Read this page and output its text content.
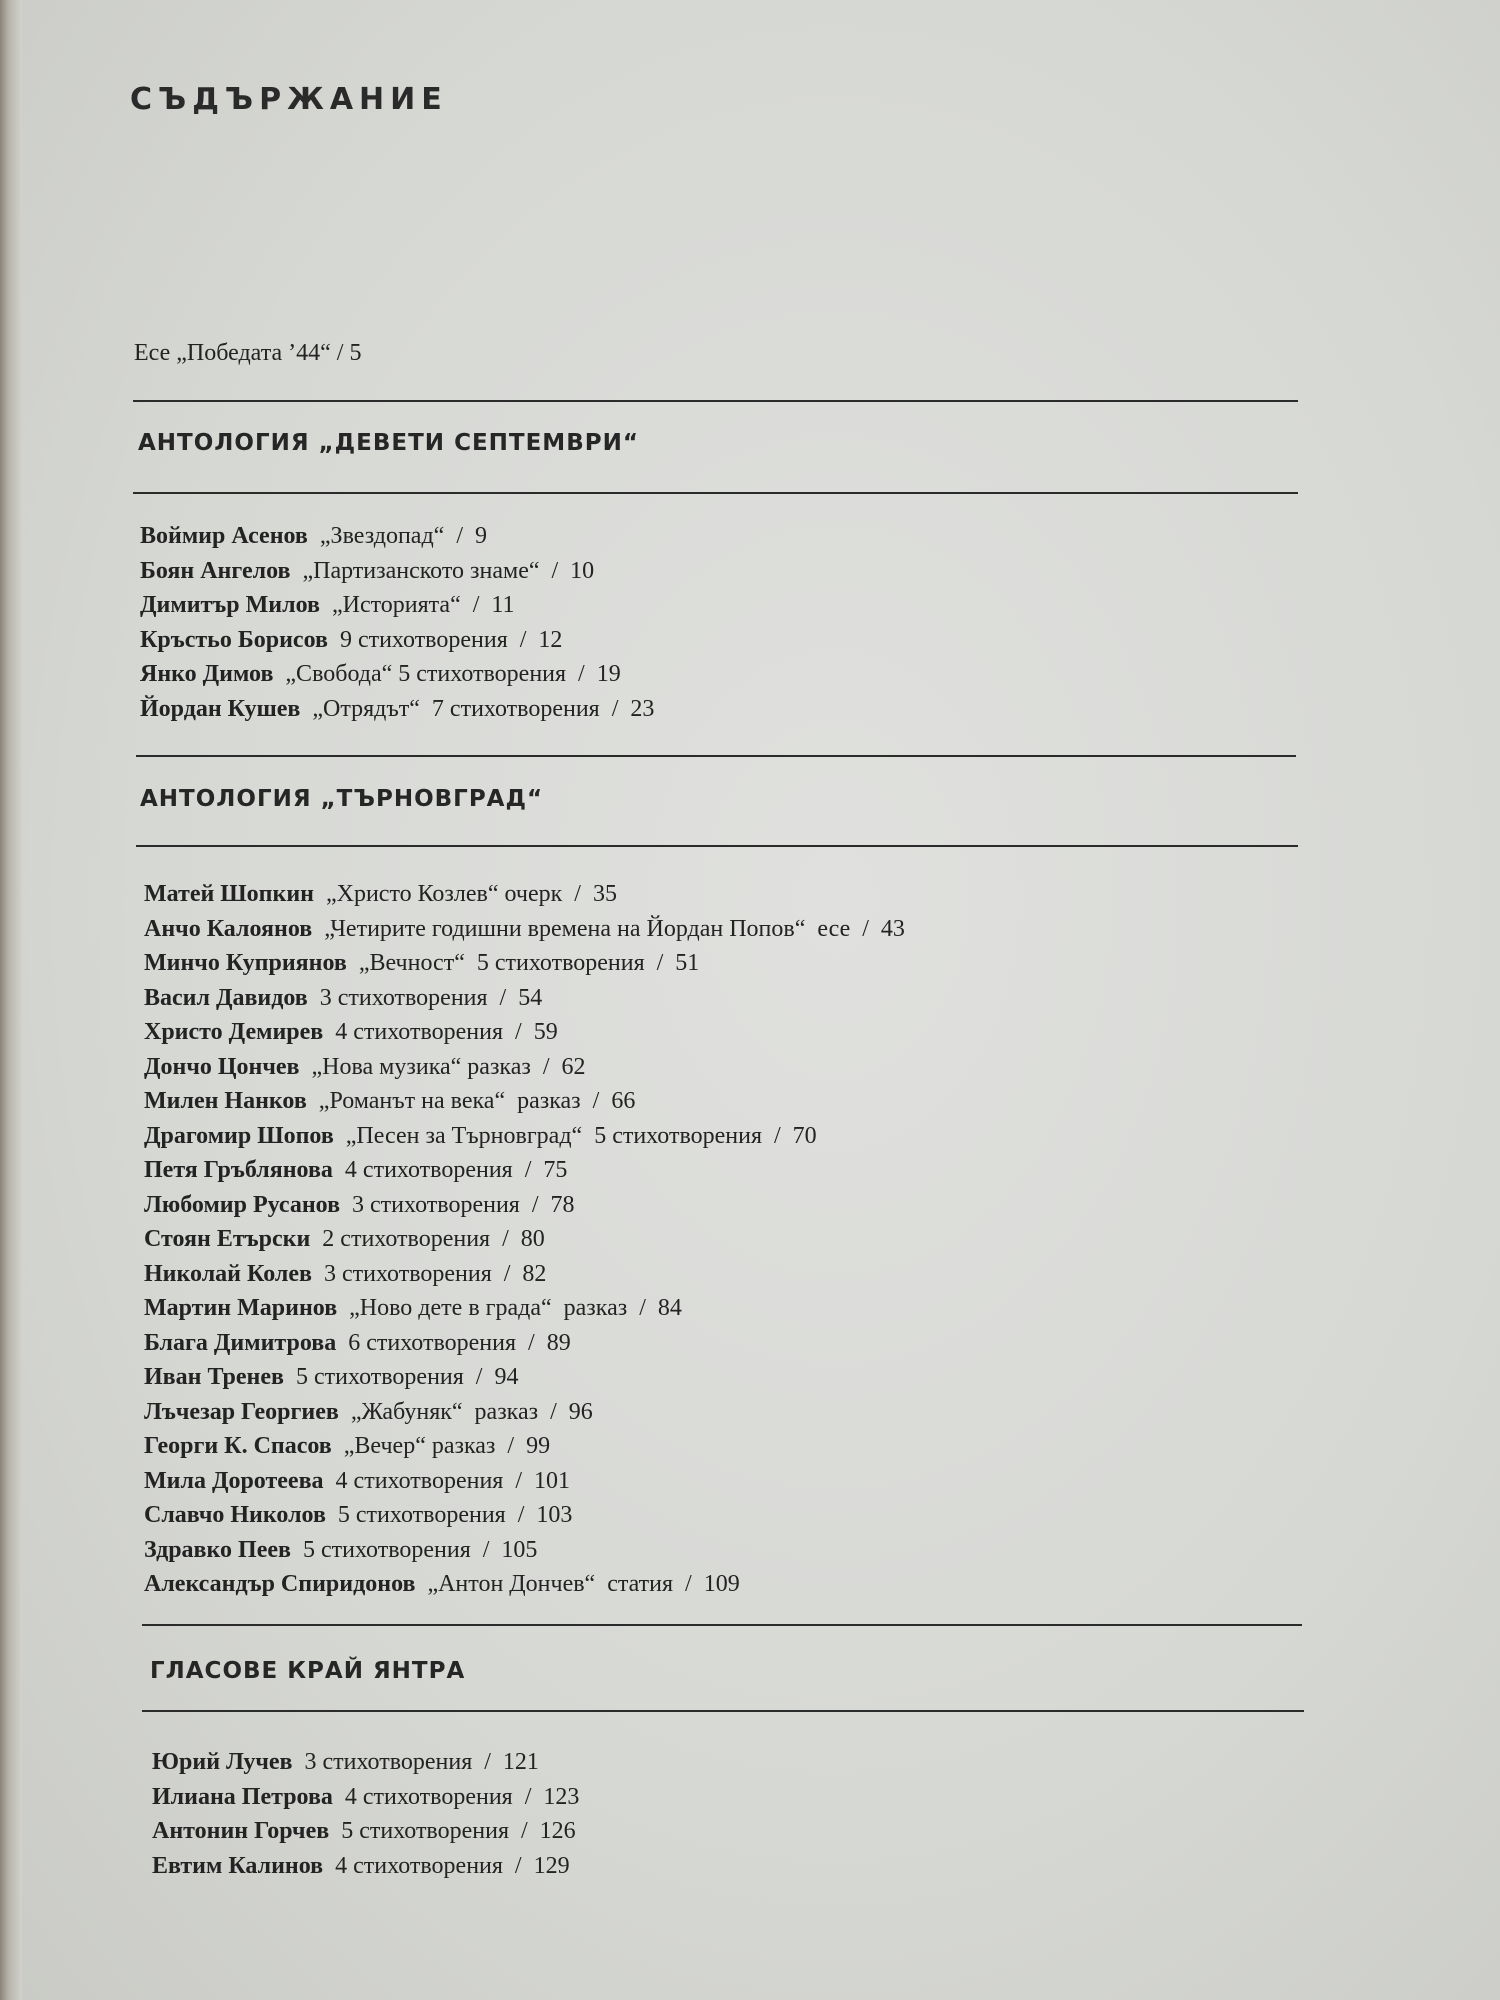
СЪДЪРЖАНИЕ
Есе „Победата ’44“ / 5
АНТОЛОГИЯ „ДЕВЕТИ СЕПТЕМВРИ“
Воймир Асенов „Звездопад“  /  9
Боян Ангелов „Партизанското знаме“  /  10
Димитър Милов „Историята“  /  11
Кръстьо Борисов 9 стихотворения  /  12
Янко Димов „Свобода“ 5 стихотворения  /  19
Йордан Кушев „Отрядът“  7 стихотворения  /  23
АНТОЛОГИЯ „ТЪРНОВГРАД“
Матей Шопкин „Христо Козлев“ очерк  /  35
Анчо Калоянов „Четирите годишни времена на Йордан Попов“  есе  /  43
Минчо Куприянов „Вечност“  5 стихотворения  /  51
Васил Давидов 3 стихотворения  /  54
Христо Демирев 4 стихотворения  /  59
Дончо Цончев „Нова музика“ разказ  /  62
Милен Нанков „Романът на века“  разказ  /  66
Драгомир Шопов „Песен за Търновград“  5 стихотворения  /  70
Петя Гръблянова 4 стихотворения  /  75
Любомир Русанов 3 стихотворения  /  78
Стоян Етърски 2 стихотворения  /  80
Николай Колев 3 стихотворения  /  82
Мартин Маринов „Ново дете в града“  разказ  /  84
Блага Димитрова 6 стихотворения  /  89
Иван Тренев 5 стихотворения  /  94
Лъчезар Георгиев „Жабуняк“  разказ  /  96
Георги К. Спасов „Вечер“ разказ  /  99
Мила Доротеева 4 стихотворения  /  101
Славчо Николов 5 стихотворения  /  103
Здравко Пеев 5 стихотворения  /  105
Александър Спиридонов „Антон Дончев“  статия  /  109
ГЛАСОВЕ КРАЙ ЯНТРА
Юрий Лучев 3 стихотворения  /  121
Илиана Петрова 4 стихотворения  /  123
Антонин Горчев 5 стихотворения  /  126
Евтим Калинов 4 стихотворения  /  129
